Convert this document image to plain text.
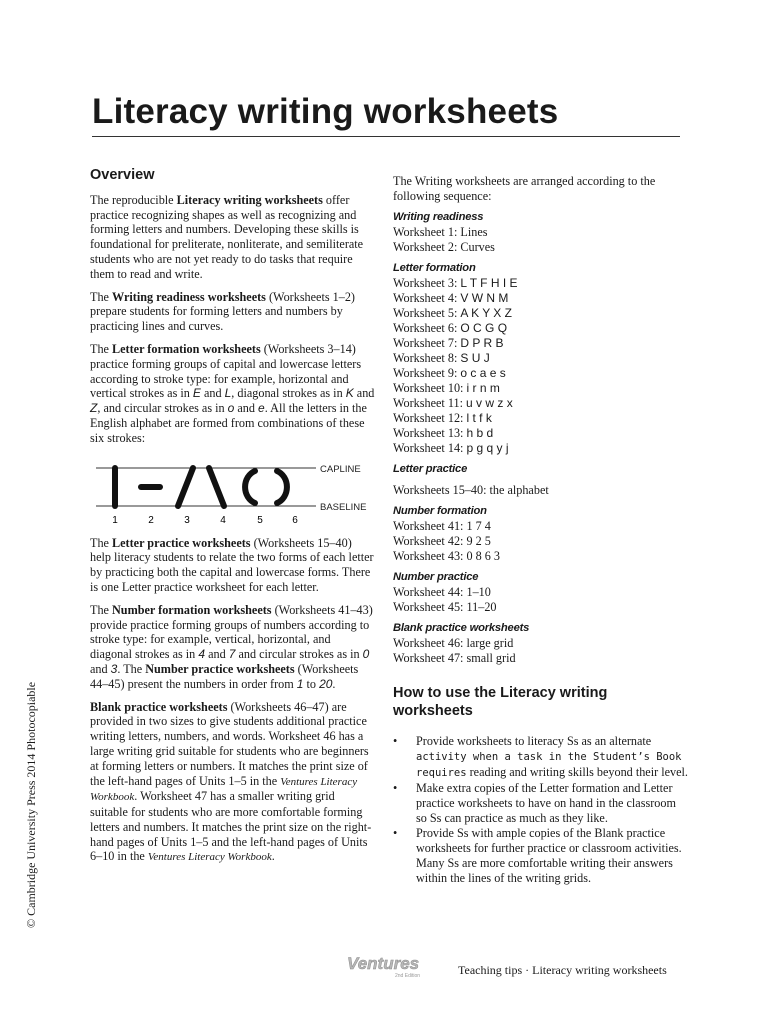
Literacy writing worksheets
© Cambridge University Press 2014 Photocopiable
Overview

The reproducible Literacy writing worksheets offer practice recognizing shapes as well as recognizing and forming letters and numbers. Developing these skills is foundational for preliterate, nonliterate, and semiliterate students who are not yet ready to do tasks that require them to read and write.

The Writing readiness worksheets (Worksheets 1–2) prepare students for forming letters and numbers by practicing lines and curves.

The Letter formation worksheets (Worksheets 3–14) practice forming groups of capital and lowercase letters according to stroke type: for example, horizontal and vertical strokes as in E and L, diagonal strokes as in K and Z, and circular strokes as in o and e. All the letters in the English alphabet are formed from combinations of these six strokes:

CAPLINE
BASELINE
1	2	3	4	5	6

The Letter practice worksheets (Worksheets 15–40) help literacy students to relate the two forms of each letter by practicing both the capital and lowercase forms. There is one Letter practice worksheet for each letter.

The Number formation worksheets (Worksheets 41–43) provide practice forming groups of numbers according to stroke type: for example, vertical, horizontal, and diagonal strokes as in 4 and 7 and circular strokes as in 0 and 3. The Number practice worksheets (Worksheets 44–45) present the numbers in order from 1 to 20.

Blank practice worksheets (Worksheets 46–47) are provided in two sizes to give students additional practice writing letters, numbers, and words. Worksheet 46 has a large writing grid suitable for students who are beginners at forming letters or numbers. It matches the print size of the left-hand pages of Units 1–5 in the Ventures Literacy Workbook. Worksheet 47 has a smaller writing grid suitable for students who are more comfortable forming letters and numbers. It matches the print size on the right-hand pages of Units 1–5 and the left-hand pages of Units 6–10 in the Ventures Literacy Workbook.

The Writing worksheets are arranged according to the following sequence:

Writing readiness

Worksheet 1: Lines

Worksheet 2: Curves

Letter formation

Worksheet 3: L T F H I E

Worksheet 4: V W N M

Worksheet 5: A K Y X Z

Worksheet 6: O C G Q

Worksheet 7: D P R B

Worksheet 8: S U J

Worksheet 9: o c a e s

Worksheet 10: i r n m

Worksheet 11: u v w z x

Worksheet 12: l t f k

Worksheet 13: h b d

Worksheet 14: p g q y j

Letter practice

Worksheets 15–40: the alphabet

Number formation

Worksheet 41: 1 7 4

Worksheet 42: 9 2 5

Worksheet 43: 0 8 6 3

Number practice

Worksheet 44: 1–10

Worksheet 45: 11–20

Blank practice worksheets

Worksheet 46: large grid

Worksheet 47: small grid

How to use the Literacy writing worksheets

• Provide worksheets to literacy Ss as an alternate activity when a task in the Student’s Book requires reading and writing skills beyond their level.
• Make extra copies of the Letter formation and Letter practice worksheets to have on hand in the classroom so Ss can practice as much as they like.
• Provide Ss with ample copies of the Blank practice worksheets for further practice or classroom activities. Many Ss are more comfortable writing their answers within the lines of the writing grids.
Ventures
2nd Edition	Teaching tips · Literacy writing worksheets
